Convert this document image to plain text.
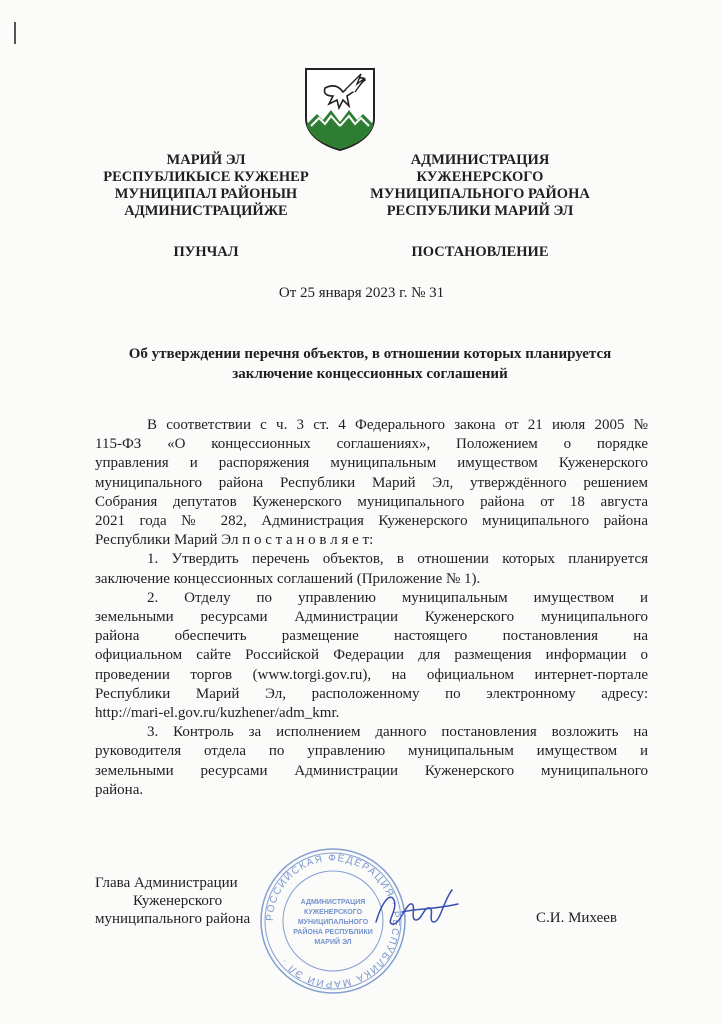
МАРИЙ ЭЛ
РЕСПУБЛИКЫСЕ КУЖЕНЕР
МУНИЦИПАЛ РАЙОНЫН
АДМИНИСТРАЦИЙЖЕ
АДМИНИСТРАЦИЯ
КУЖЕНЕРСКОГО
МУНИЦИПАЛЬНОГО РАЙОНА
РЕСПУБЛИКИ МАРИЙ ЭЛ
ПУНЧАЛ	ПОСТАНОВЛЕНИЕ
От 25 января 2023 г. № 31
Об утверждении перечня объектов, в отношении которых планируется
заключение концессионных соглашений
В соответствии с ч. 3 ст. 4 Федерального закона от 21 июля 2005 №
115-ФЗ «О концессионных соглашениях», Положением о порядке
управления и распоряжения муниципальным имуществом Куженерского
муниципального района Республики Марий Эл, утверждённого решением
Собрания депутатов Куженерского муниципального района от 18 августа
2021 года № 282, Администрация Куженерского муниципального района
Республики Марий Эл п о с т а н о в л я е т:
1. Утвердить перечень объектов, в отношении которых планируется
заключение концессионных соглашений (Приложение № 1).
2. Отделу по управлению муниципальным имуществом и
земельными ресурсами Администрации Куженерского муниципального
района обеспечить размещение настоящего постановления на
официальном сайте Российской Федерации для размещения информации о
проведении торгов (www.torgi.gov.ru), на официальном интернет-портале
Республики Марий Эл, расположенному по электронному адресу:
http://mari-el.gov.ru/kuzhener/adm_kmr.
3. Контроль за исполнением данного постановления возложить на
руководителя отдела по управлению муниципальным имуществом и
земельными ресурсами Администрации Куженерского муниципального
района.
Глава Администрации
Куженерского
муниципального района РОССИЙСКАЯ ФЕДЕРАЦИЯ · РЕСПУБЛИКА МАРИЙ ЭЛ ·
АДМИНИСТРАЦИЯ
КУЖЕНЕРСКОГО
МУНИЦИПАЛЬНОГО
РАЙОНА РЕСПУБЛИКИ
МАРИЙ ЭЛ
С.И. Михеев
